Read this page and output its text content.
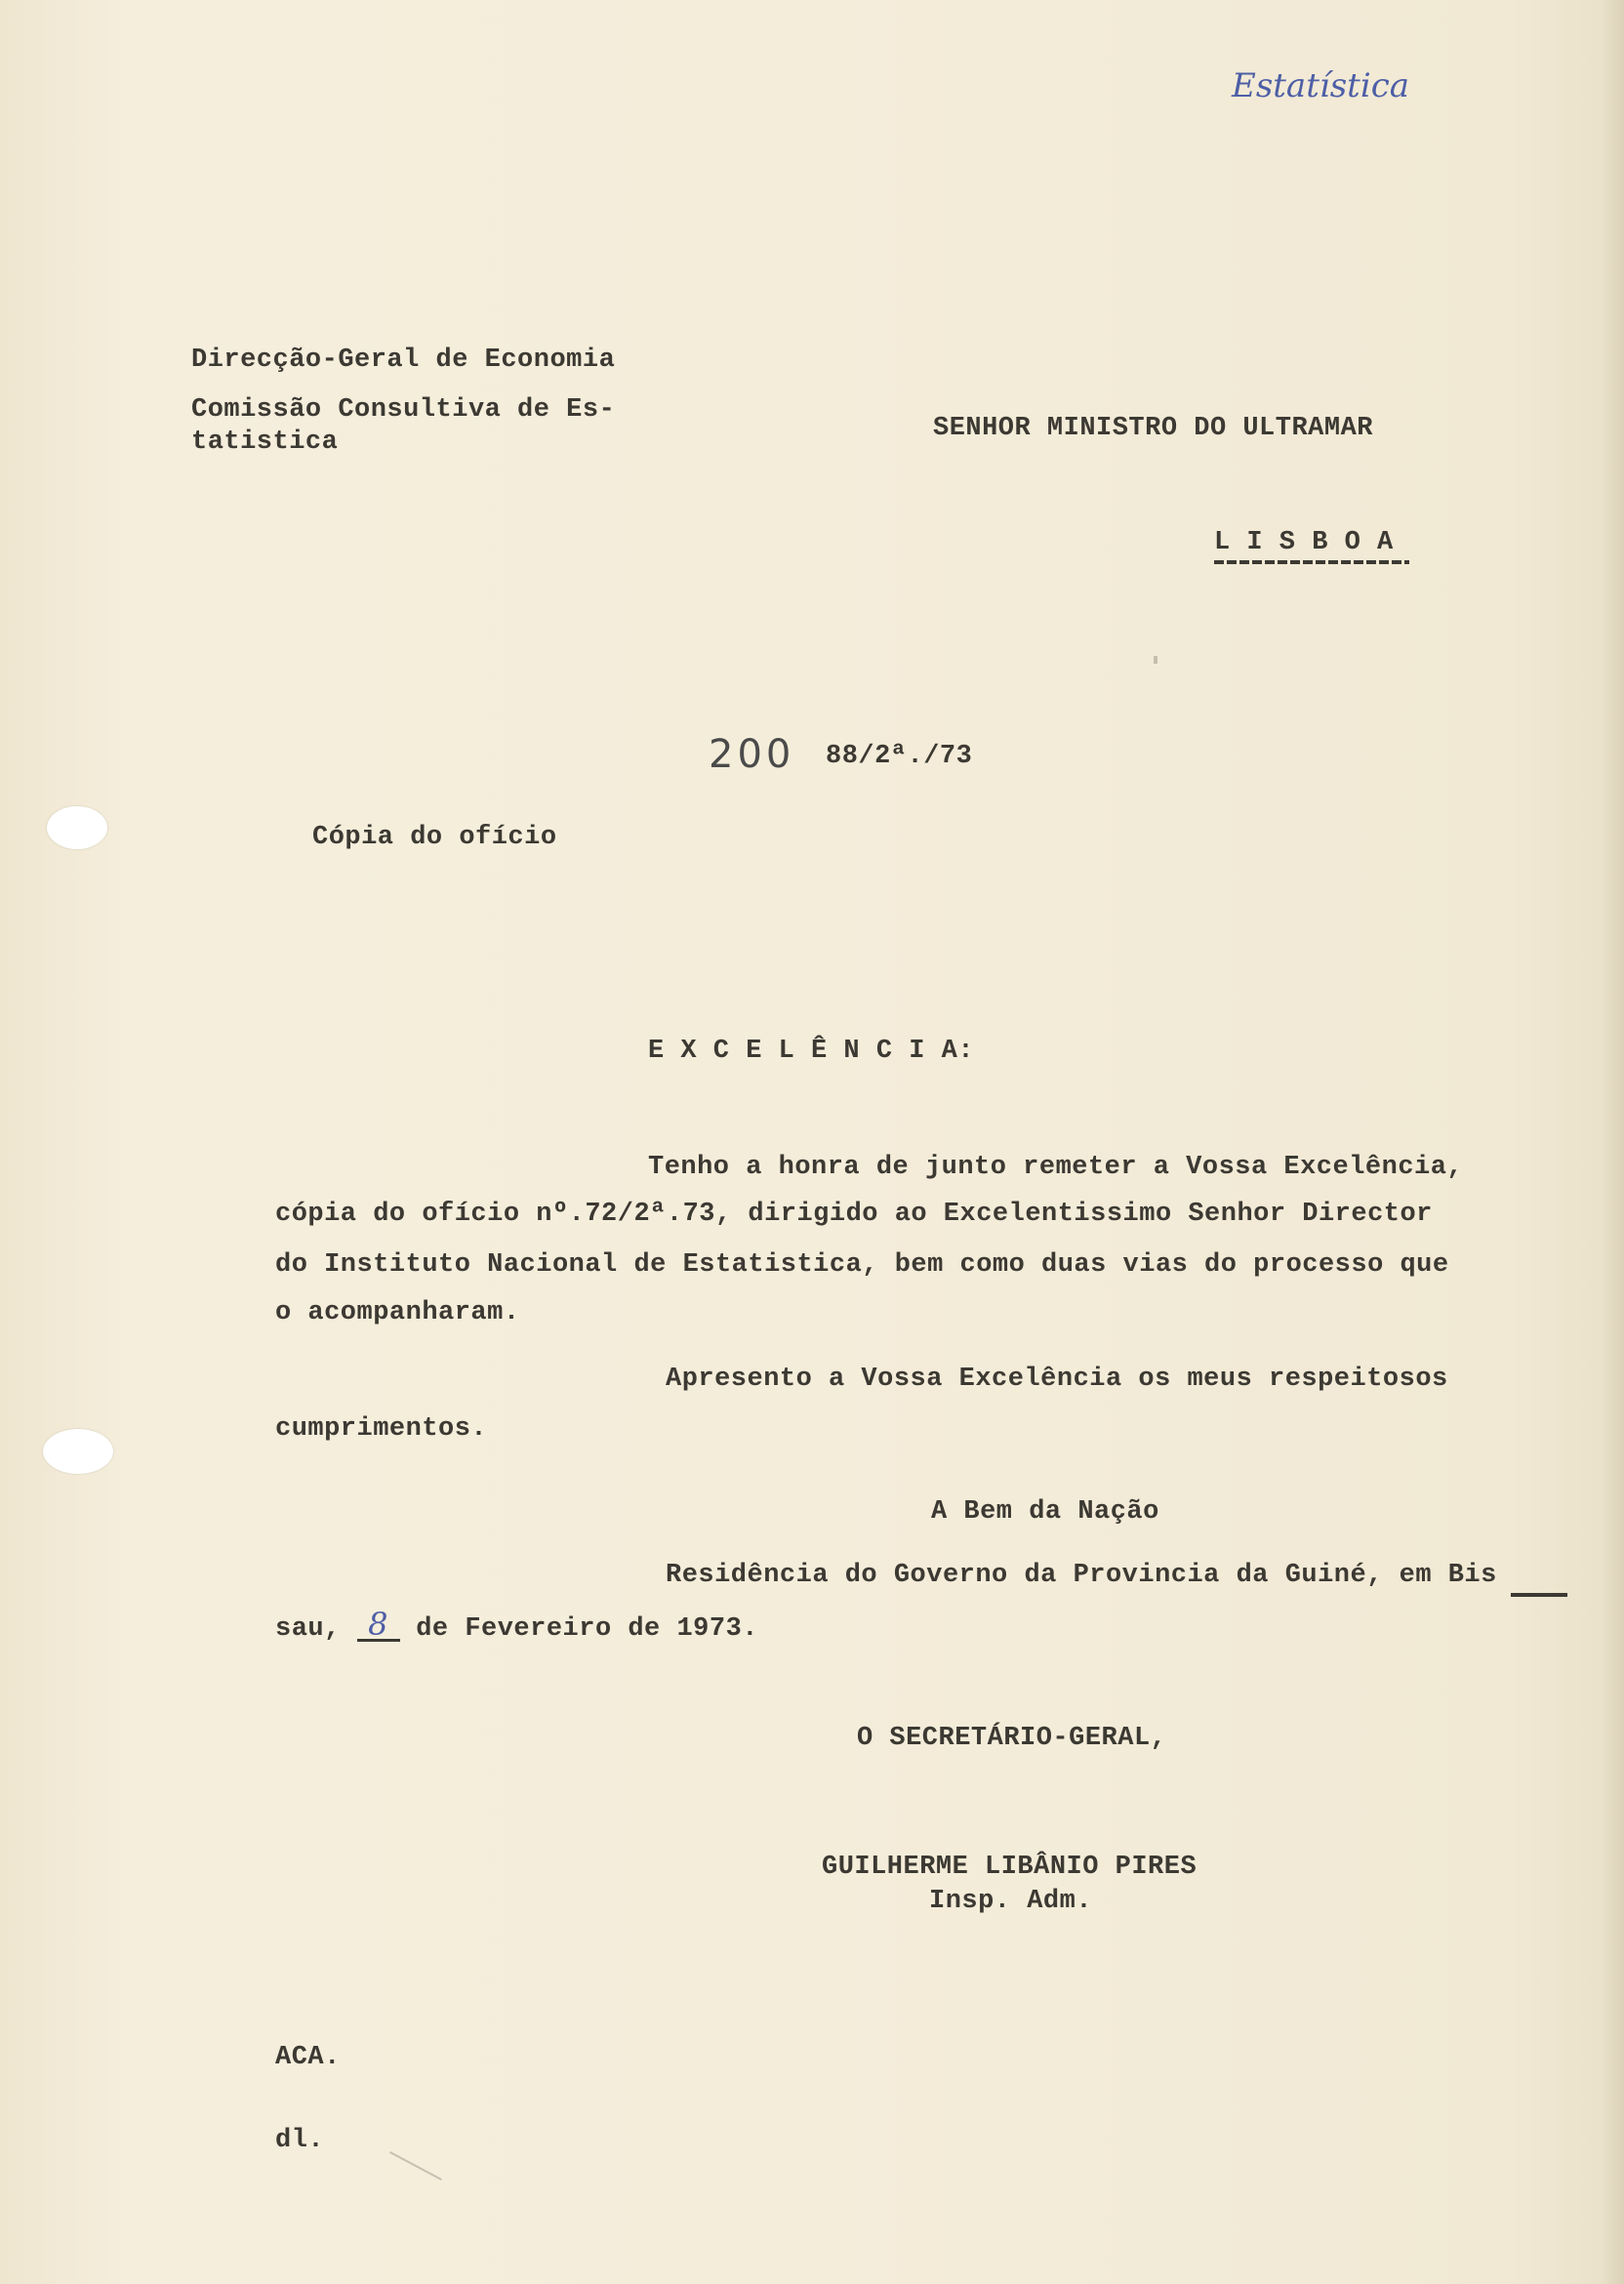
Estatística
Direcção-Geral de Economia
Comissão Consultiva de Es-
tatistica	SENHOR MINISTRO DO ULTRAMAR
L I S B O A
200 88/2ª./73
Cópia do ofício
E X C E L Ê N C I A:
Tenho a honra de junto remeter a Vossa Excelência,
cópia do ofício nº.72/2ª.73, dirigido ao Excelentissimo Senhor Director
do Instituto Nacional de Estatistica, bem como duas vias do processo que
o acompanharam.
Apresento a Vossa Excelência os meus respeitosos
cumprimentos.
A Bem da Nação
Residência do Governo da Provincia da Guiné, em Bis
sau, 8 de Fevereiro de 1973.
O SECRETÁRIO-GERAL,
GUILHERME LIBÂNIO PIRES
Insp. Adm.
ACA.
dl.
